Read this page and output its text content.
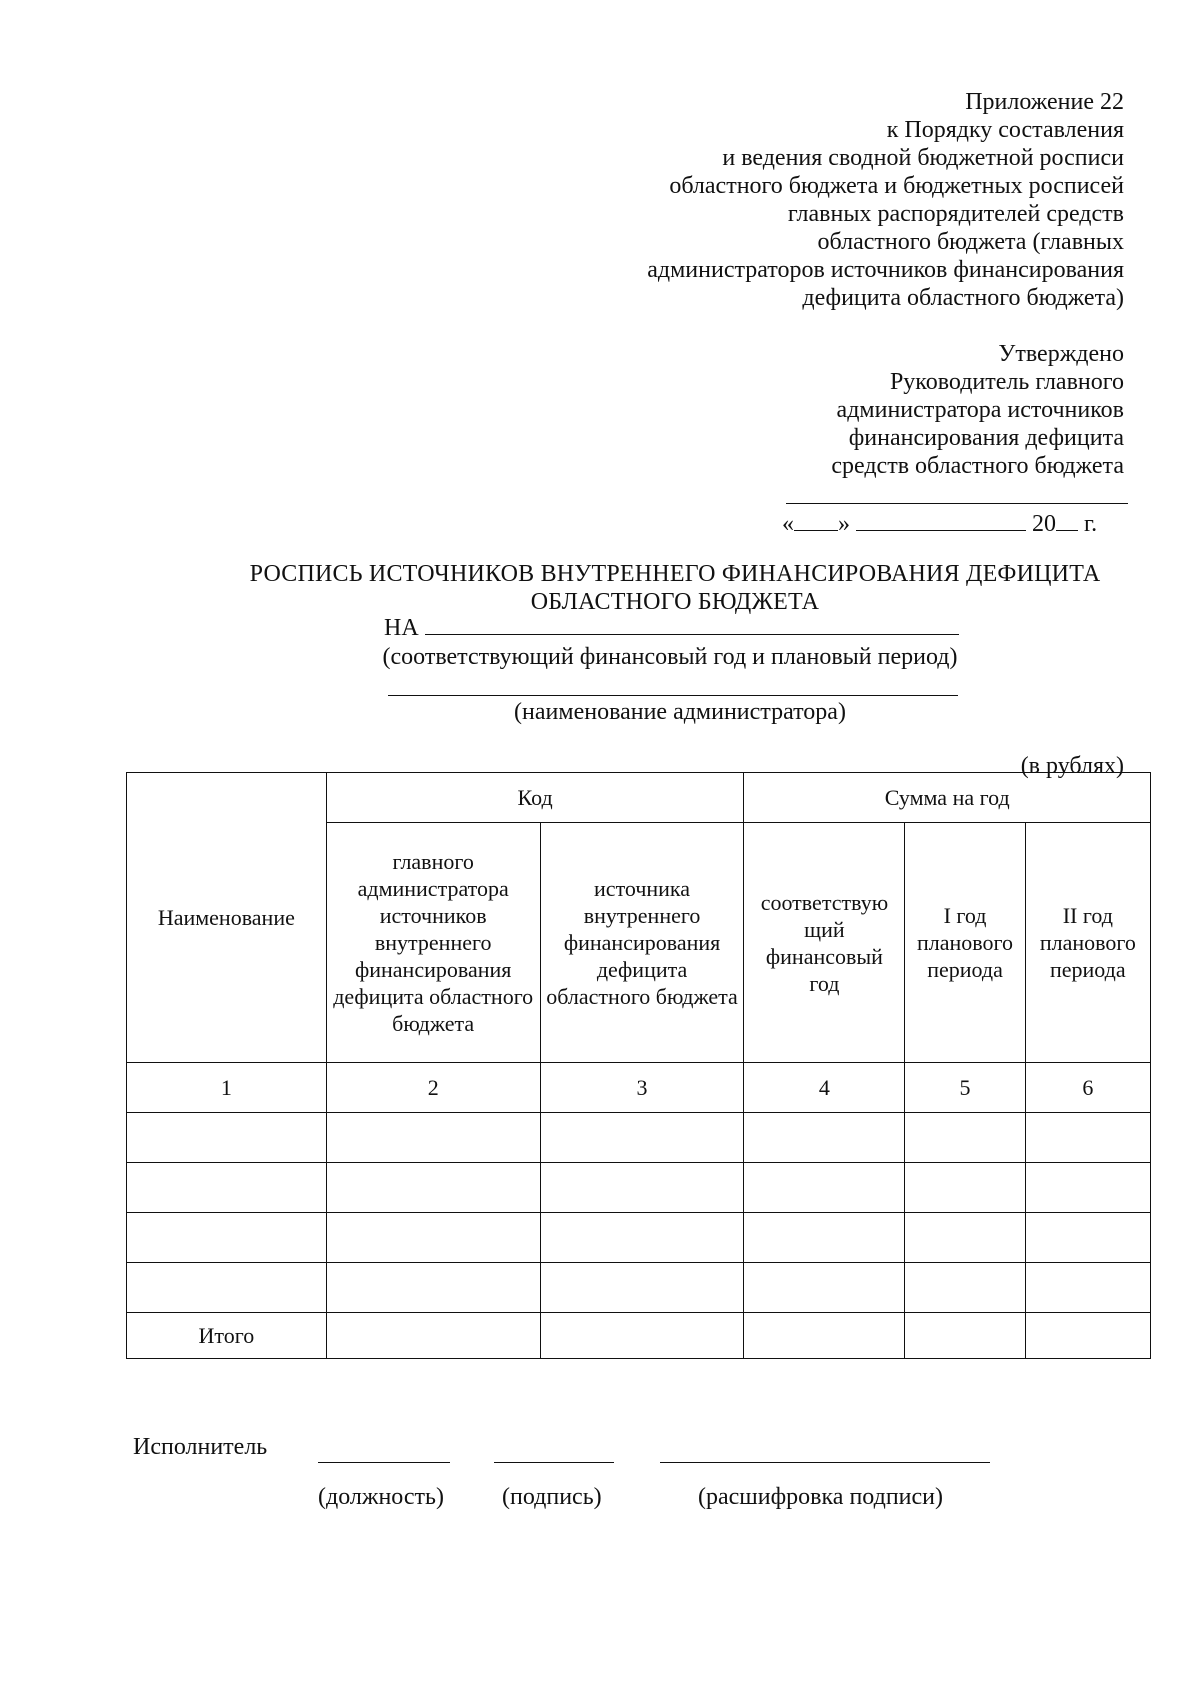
Приложение 22
к Порядку составления
и ведения сводной бюджетной росписи
областного бюджета и бюджетных росписей
главных распорядителей средств
областного бюджета (главных
администраторов источников финансирования
дефицита областного бюджета)
Утверждено
Руководитель главного
администратора источников
финансирования дефицита
средств областного бюджета
« »	20 г.
РОСПИСЬ ИСТОЧНИКОВ ВНУТРЕННЕГО ФИНАНСИРОВАНИЯ ДЕФИЦИТА
ОБЛАСТНОГО БЮДЖЕТА
НА
(соответствующий финансовый год и плановый период)
(наименование администратора)
(в рублях)
Наименование	Код		Сумма на год		
	главного администратора источников внутреннего финансирования дефицита областного бюджета	источника внутреннего финансирования дефицита областного бюджета	соответствую щий финансовый год	I год планового периода	II год планового периода
1	2	3	4	5	6

Итого					
Исполнитель
(должность) (подпись)	(расшифровка подписи)
